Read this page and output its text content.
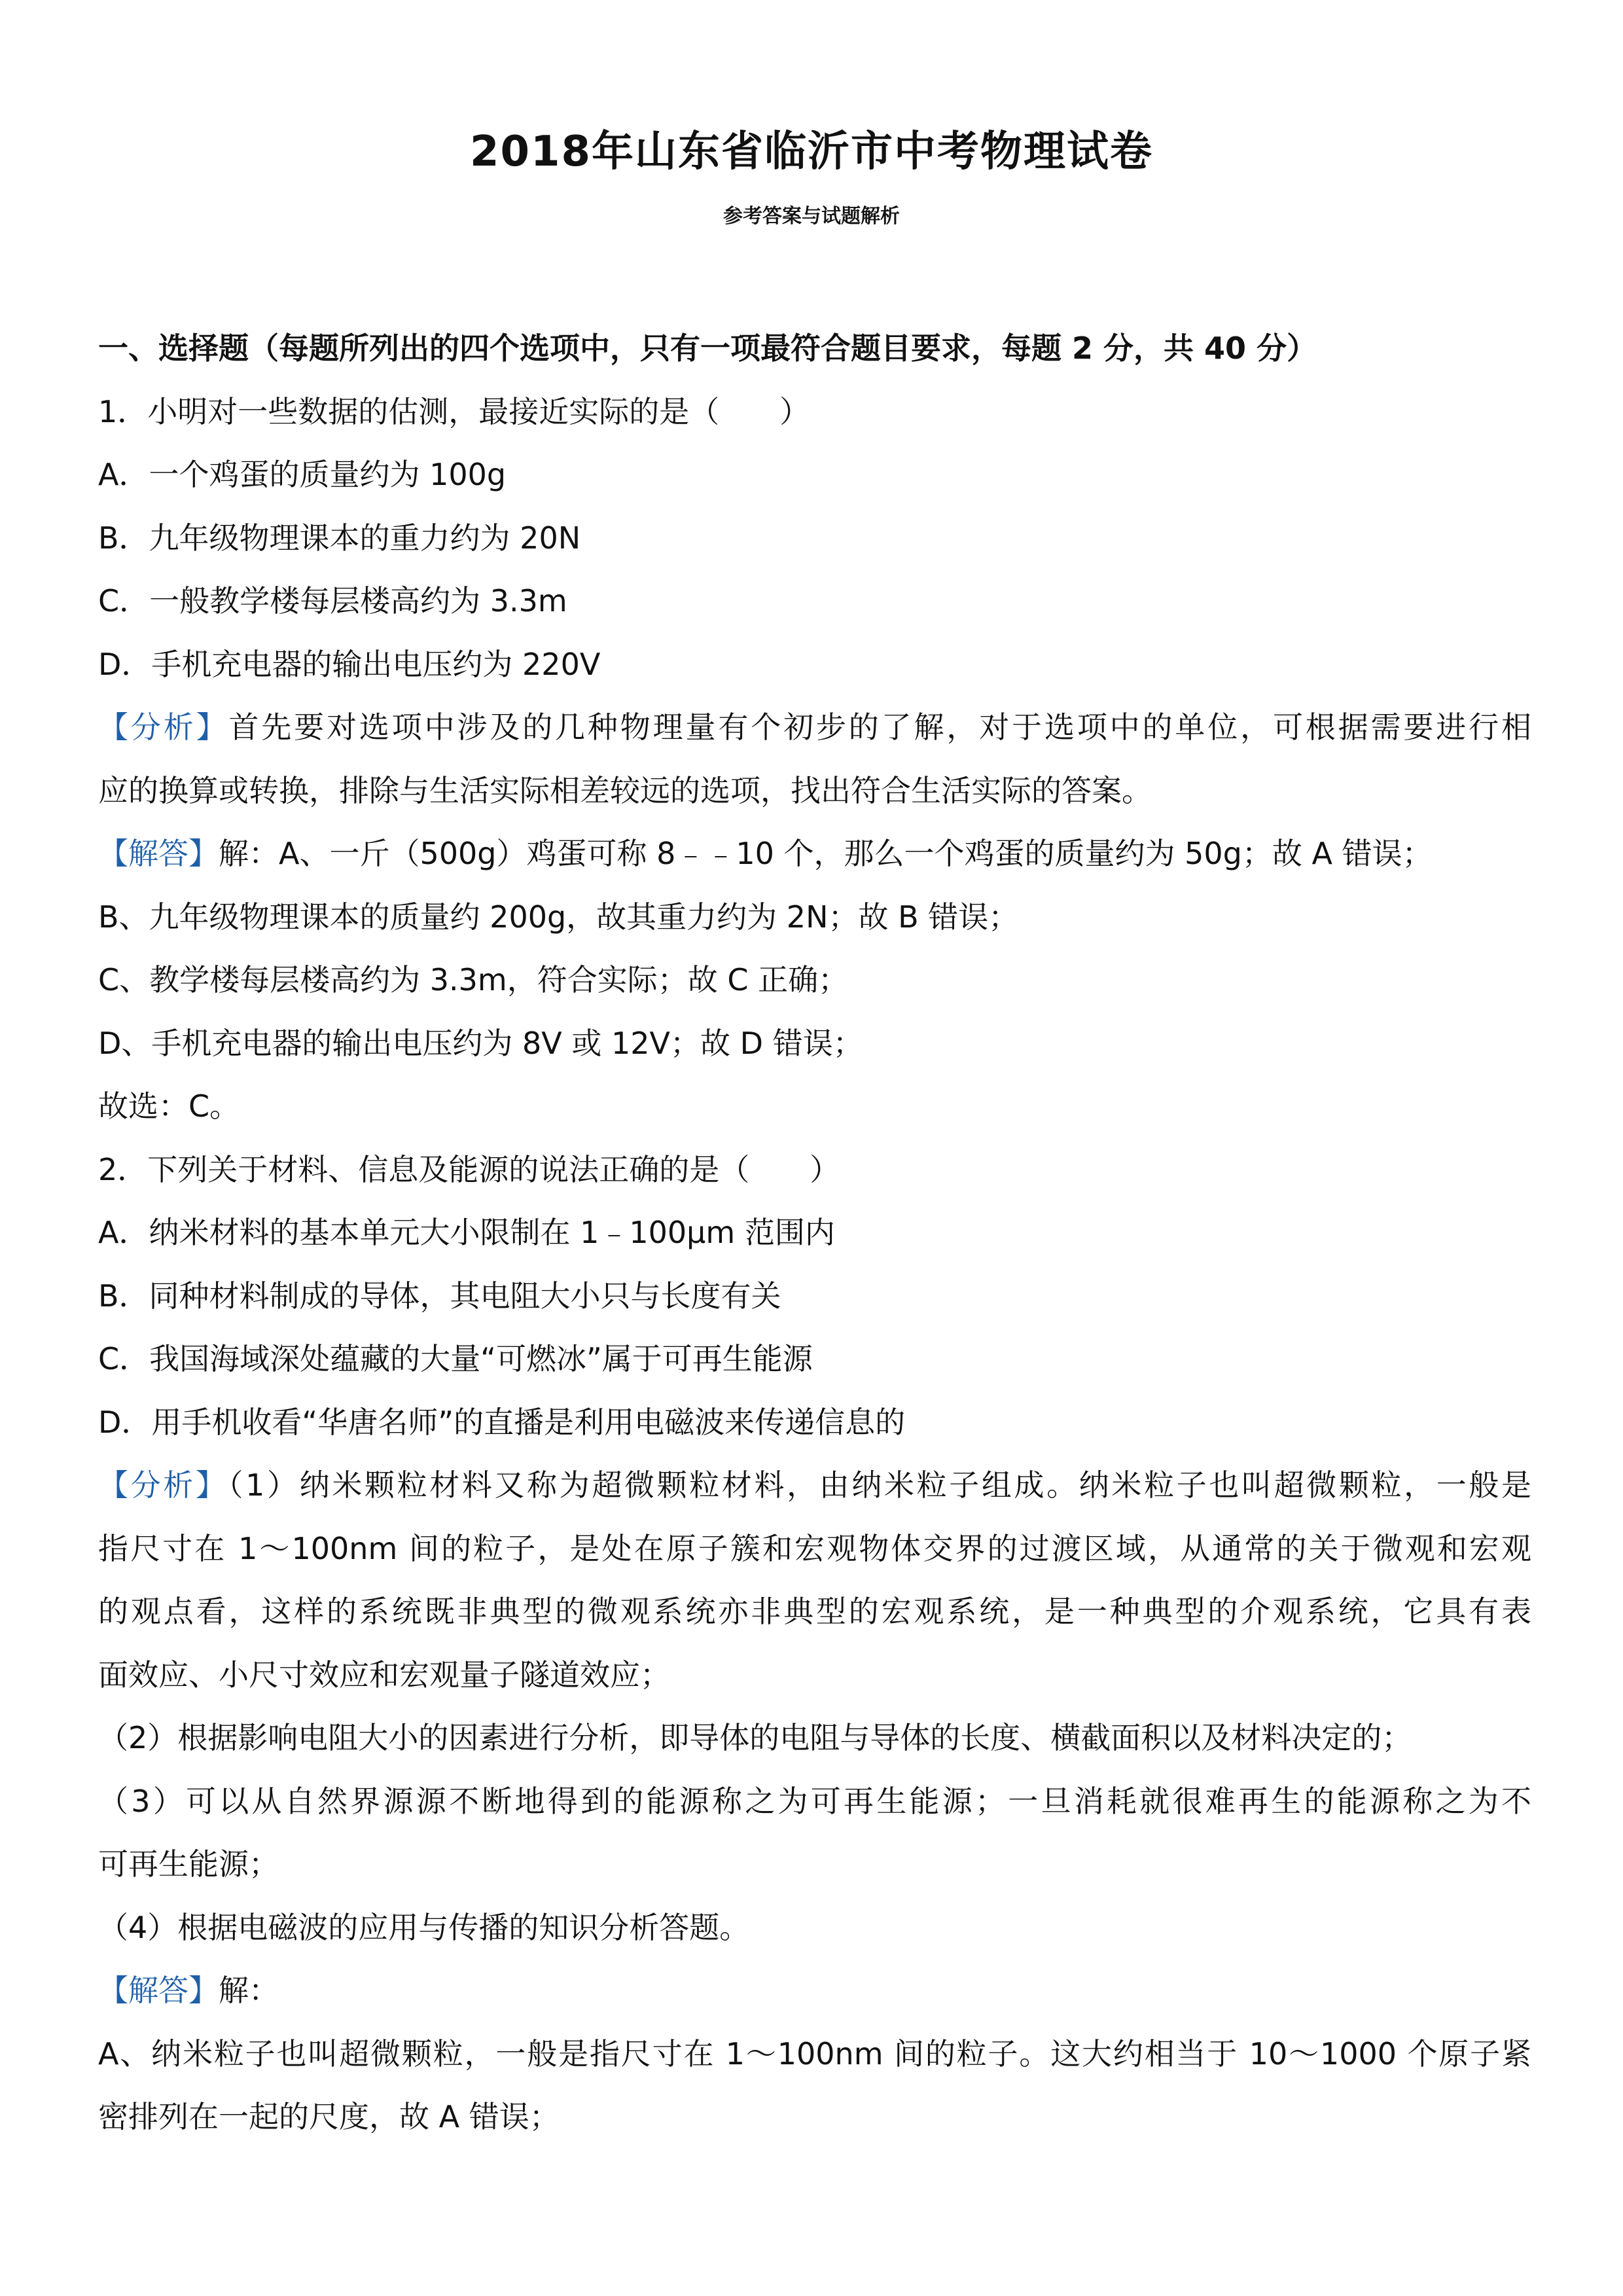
2018年山东省临沂市中考物理试卷
参考答案与试题解析
一、选择题（每题所列出的四个选项中，只有一项最符合题目要求，每题 2 分，共 40 分）
1．小明对一些数据的估测，最接近实际的是（　　）
A．一个鸡蛋的质量约为 100g
B．九年级物理课本的重力约为 20N
C．一般教学楼每层楼高约为 3.3m
D．手机充电器的输出电压约为 220V
【分析】首先要对选项中涉及的几种物理量有个初步的了解，对于选项中的单位，可根据需要进行相
应的换算或转换，排除与生活实际相差较远的选项，找出符合生活实际的答案。
【解答】解：A、一斤（500g）鸡蛋可称 8﹣﹣10 个，那么一个鸡蛋的质量约为 50g；故 A 错误；
B、九年级物理课本的质量约 200g，故其重力约为 2N；故 B 错误；
C、教学楼每层楼高约为 3.3m，符合实际；故 C 正确；
D、手机充电器的输出电压约为 8V 或 12V；故 D 错误；
故选：C。
2．下列关于材料、信息及能源的说法正确的是（　　）
A．纳米材料的基本单元大小限制在 1﹣100μm 范围内
B．同种材料制成的导体，其电阻大小只与长度有关
C．我国海域深处蕴藏的大量“可燃冰”属于可再生能源
D．用手机收看“华唐名师”的直播是利用电磁波来传递信息的
【分析】（1）纳米颗粒材料又称为超微颗粒材料，由纳米粒子组成。纳米粒子也叫超微颗粒，一般是
指尺寸在 1～100nm 间的粒子，是处在原子簇和宏观物体交界的过渡区域，从通常的关于微观和宏观
的观点看，这样的系统既非典型的微观系统亦非典型的宏观系统，是一种典型的介观系统，它具有表
面效应、小尺寸效应和宏观量子隧道效应；
（2）根据影响电阻大小的因素进行分析，即导体的电阻与导体的长度、横截面积以及材料决定的；
（3）可以从自然界源源不断地得到的能源称之为可再生能源；一旦消耗就很难再生的能源称之为不
可再生能源；
（4）根据电磁波的应用与传播的知识分析答题。
【解答】解：
A、纳米粒子也叫超微颗粒，一般是指尺寸在 1～100nm 间的粒子。这大约相当于 10～1000 个原子紧
密排列在一起的尺度，故 A 错误；
